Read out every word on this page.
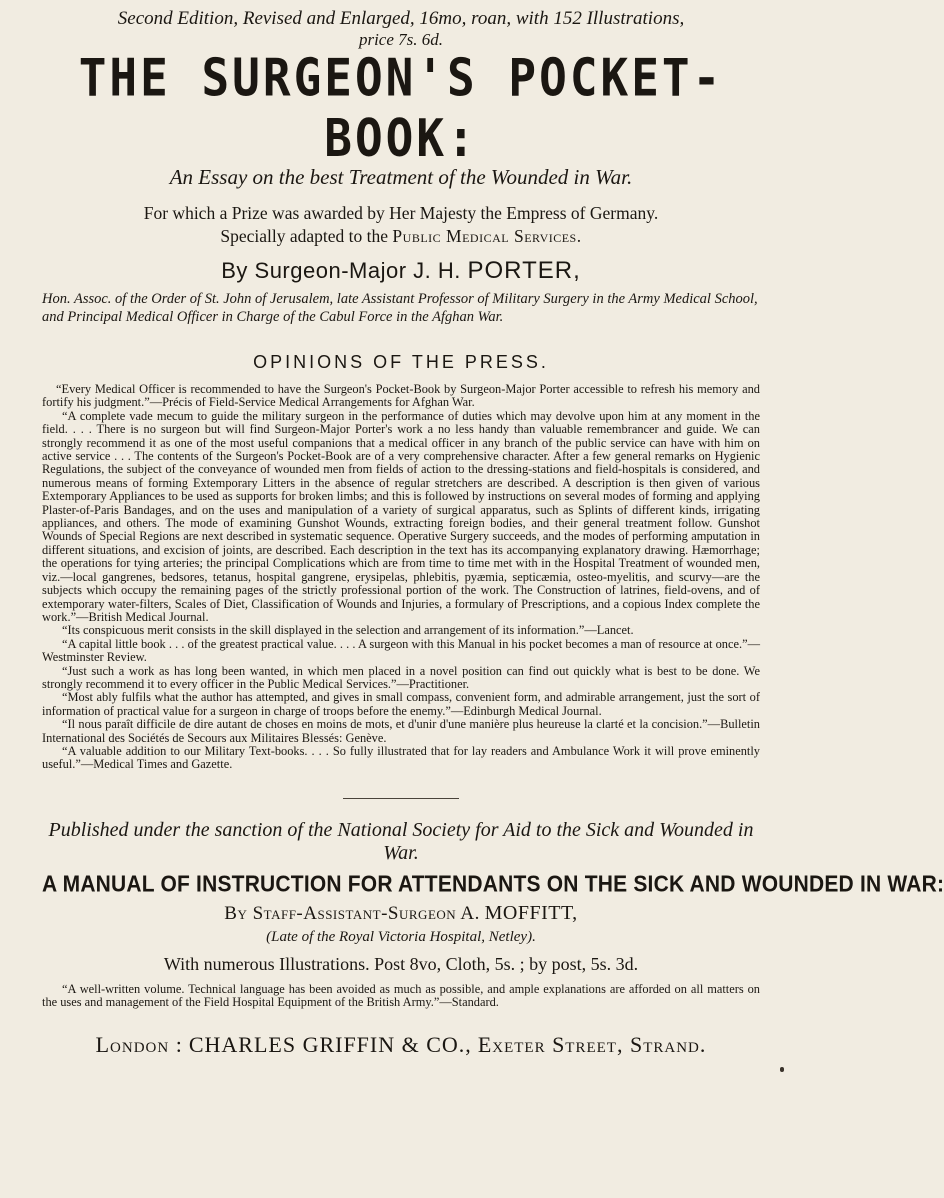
Second Edition, Revised and Enlarged, 16mo, roan, with 152 Illustrations,

price 7s. 6d.

THE SURGEON'S POCKET-BOOK:

An Essay on the best Treatment of the Wounded in War.

For which a Prize was awarded by Her Majesty the Empress of Germany.

Specially adapted to the Public Medical Services.

By Surgeon-Major J. H. PORTER,

Hon. Assoc. of the Order of St. John of Jerusalem, late Assistant Professor of Military Surgery in the Army Medical School, and Principal Medical Officer in Charge of the Cabul Force in the Afghan War.

OPINIONS OF THE PRESS.

“Every Medical Officer is recommended to have the Surgeon's Pocket-Book by Surgeon-Major Porter accessible to refresh his memory and fortify his judgment.”—Précis of Field-Service Medical Arrangements for Afghan War.

“A complete vade mecum to guide the military surgeon in the performance of duties which may devolve upon him at any moment in the field. . . . There is no surgeon but will find Surgeon-Major Porter's work a no less handy than valuable remembrancer and guide. We can strongly recommend it as one of the most useful companions that a medical officer in any branch of the public service can have with him on active service . . . The contents of the Surgeon's Pocket-Book are of a very comprehensive character. After a few general remarks on Hygienic Regulations, the subject of the conveyance of wounded men from fields of action to the dressing-stations and field-hospitals is considered, and numerous means of forming Extemporary Litters in the absence of regular stretchers are described. A description is then given of various Extemporary Appliances to be used as supports for broken limbs; and this is followed by instructions on several modes of forming and applying Plaster-of-Paris Bandages, and on the uses and manipulation of a variety of surgical apparatus, such as Splints of different kinds, irrigating appliances, and others. The mode of examining Gunshot Wounds, extracting foreign bodies, and their general treatment follow. Gunshot Wounds of Special Regions are next described in systematic sequence. Operative Surgery succeeds, and the modes of performing amputation in different situations, and excision of joints, are described. Each description in the text has its accompanying explanatory drawing. Hæmorrhage; the operations for tying arteries; the principal Complications which are from time to time met with in the Hospital Treatment of wounded men, viz.—local gangrenes, bedsores, tetanus, hospital gangrene, erysipelas, phlebitis, pyæmia, septicæmia, osteo-myelitis, and scurvy—are the subjects which occupy the remaining pages of the strictly professional portion of the work. The Construction of latrines, field-ovens, and of extemporary water-filters, Scales of Diet, Classification of Wounds and Injuries, a formulary of Prescriptions, and a copious Index complete the work.”—British Medical Journal.

“Its conspicuous merit consists in the skill displayed in the selection and arrangement of its information.”—Lancet.

“A capital little book . . . of the greatest practical value. . . . A surgeon with this Manual in his pocket becomes a man of resource at once.”—Westminster Review.

“Just such a work as has long been wanted, in which men placed in a novel position can find out quickly what is best to be done. We strongly recommend it to every officer in the Public Medical Services.”—Practitioner.

“Most ably fulfils what the author has attempted, and gives in small compass, convenient form, and admirable arrangement, just the sort of information of practical value for a surgeon in charge of troops before the enemy.”—Edinburgh Medical Journal.

“Il nous paraît difficile de dire autant de choses en moins de mots, et d'unir d'une manière plus heureuse la clarté et la concision.”—Bulletin International des Sociétés de Secours aux Militaires Blessés: Genève.

“A valuable addition to our Military Text-books. . . . So fully illustrated that for lay readers and Ambulance Work it will prove eminently useful.”—Medical Times and Gazette.

Published under the sanction of the National Society for Aid to the Sick and Wounded in War.

A MANUAL OF INSTRUCTION FOR ATTENDANTS ON THE SICK AND WOUNDED IN WAR:

By Staff-Assistant-Surgeon A. MOFFITT,

(Late of the Royal Victoria Hospital, Netley).

With numerous Illustrations. Post 8vo, Cloth, 5s. ; by post, 5s. 3d.

“A well-written volume. Technical language has been avoided as much as possible, and ample explanations are afforded on all matters on the uses and management of the Field Hospital Equipment of the British Army.”—Standard.

London : CHARLES GRIFFIN & CO., Exeter Street, Strand.
